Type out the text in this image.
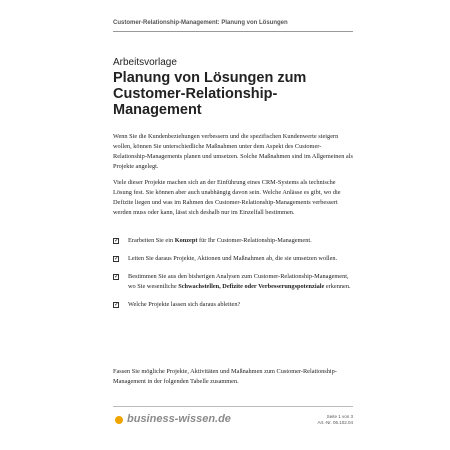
Customer-Relationship-Management: Planung von Lösungen
Arbeitsvorlage
Planung von Lösungen zum Customer-Relationship-Management
Wenn Sie die Kundenbeziehungen verbessern und die spezifischen Kundenwerte steigern wollen, können Sie unterschiedliche Maßnahmen unter dem Aspekt des Customer-Relationship-Managements planen und umsetzen. Solche Maßnahmen sind im Allgemeinen als Projekte angelegt.
Viele dieser Projekte machen sich an der Einführung eines CRM-Systems als technische Lösung fest. Sie können aber auch unabhängig davon sein. Welche Anlässe es gibt, wo die Defizite liegen und was im Rahmen des Customer-Relationship-Managements verbessert werden muss oder kann, lässt sich deshalb nur im Einzelfall bestimmen.
✓ Erarbeiten Sie ein Konzept für Ihr Customer-Relationship-Management.
✓ Leiten Sie daraus Projekte, Aktionen und Maßnahmen ab, die sie umsetzen wollen.
✓ Bestimmen Sie aus den bisherigen Analysen zum Customer-Relationship-Management, wo Sie wesentliche Schwachstellen, Defizite oder Verbesserungspotenziale erkennen.
✓ Welche Projekte lassen sich daraus ableiten?
Fassen Sie mögliche Projekte, Aktivitäten und Maßnahmen zum Customer-Relationship-Management in der folgenden Tabelle zusammen.
business-wissen.de	Seite 1 von 3
Art.-Nr. 06.102.04
